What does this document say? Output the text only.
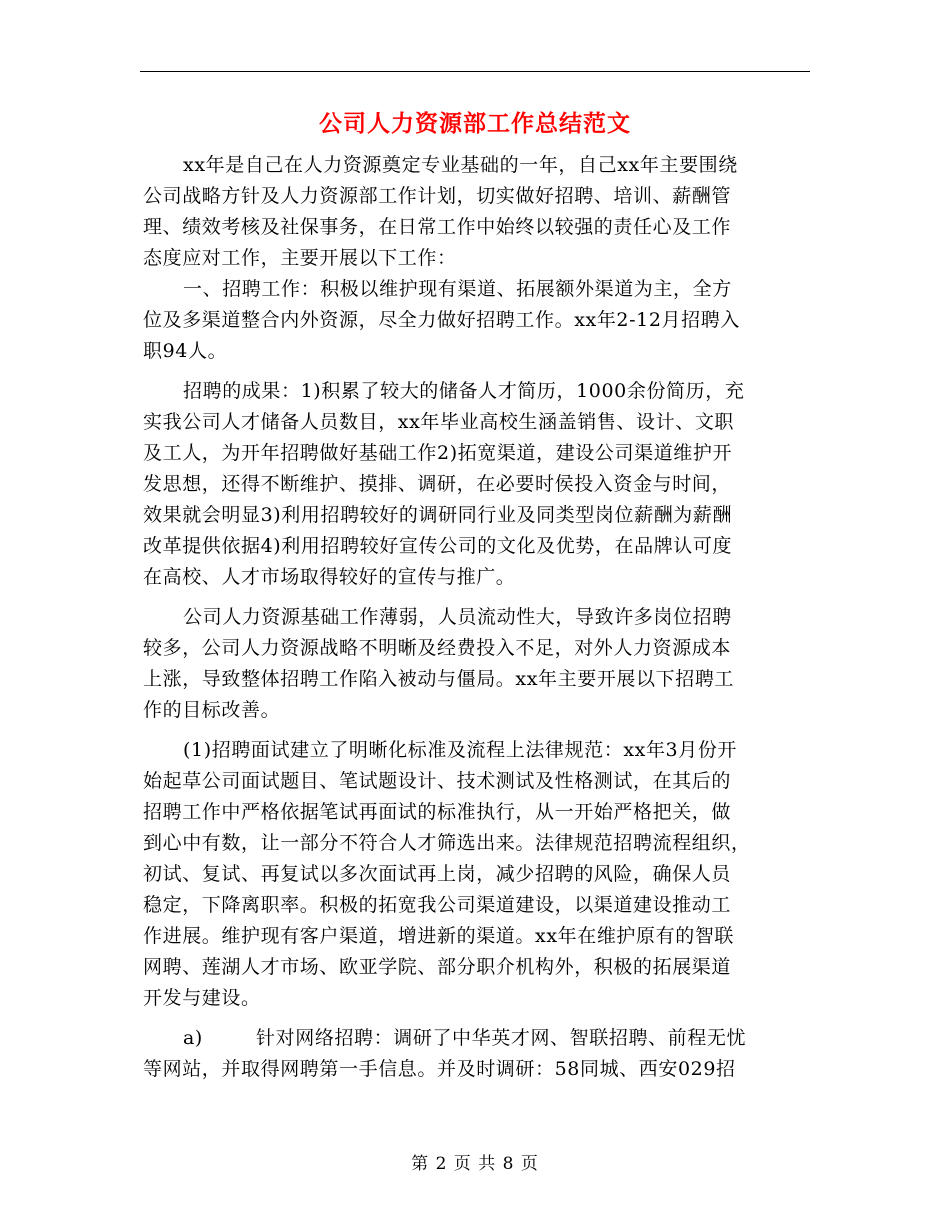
公司人力资源部工作总结范文
xx年是自己在人力资源奠定专业基础的一年，自己xx年主要围绕
公司战略方针及人力资源部工作计划，切实做好招聘、培训、薪酬管
理、绩效考核及社保事务，在日常工作中始终以较强的责任心及工作
态度应对工作，主要开展以下工作：
一、招聘工作：积极以维护现有渠道、拓展额外渠道为主，全方
位及多渠道整合内外资源，尽全力做好招聘工作。xx年2-12月招聘入
职94人。
招聘的成果：1)积累了较大的储备人才简历，1000余份简历，充
实我公司人才储备人员数目，xx年毕业高校生涵盖销售、设计、文职
及工人，为开年招聘做好基础工作2)拓宽渠道，建设公司渠道维护开
发思想，还得不断维护、摸排、调研，在必要时侯投入资金与时间，
效果就会明显3)利用招聘较好的调研同行业及同类型岗位薪酬为薪酬
改革提供依据4)利用招聘较好宣传公司的文化及优势，在品牌认可度
在高校、人才市场取得较好的宣传与推广。
公司人力资源基础工作薄弱，人员流动性大，导致许多岗位招聘
较多，公司人力资源战略不明晰及经费投入不足，对外人力资源成本
上涨，导致整体招聘工作陷入被动与僵局。xx年主要开展以下招聘工
作的目标改善。
(1)招聘面试建立了明晰化标准及流程上法律规范：xx年3月份开
始起草公司面试题目、笔试题设计、技术测试及性格测试，在其后的
招聘工作中严格依据笔试再面试的标准执行，从一开始严格把关，做
到心中有数，让一部分不符合人才筛选出来。法律规范招聘流程组织，
初试、复试、再复试以多次面试再上岗，减少招聘的风险，确保人员
稳定，下降离职率。积极的拓宽我公司渠道建设，以渠道建设推动工
作进展。维护现有客户渠道，增进新的渠道。xx年在维护原有的智联
网聘、莲湖人才市场、欧亚学院、部分职介机构外，积极的拓展渠道
开发与建设。
a)        针对网络招聘：调研了中华英才网、智联招聘、前程无忧
等网站，并取得网聘第一手信息。并及时调研：58同城、西安029招
第 2 页 共 8 页
